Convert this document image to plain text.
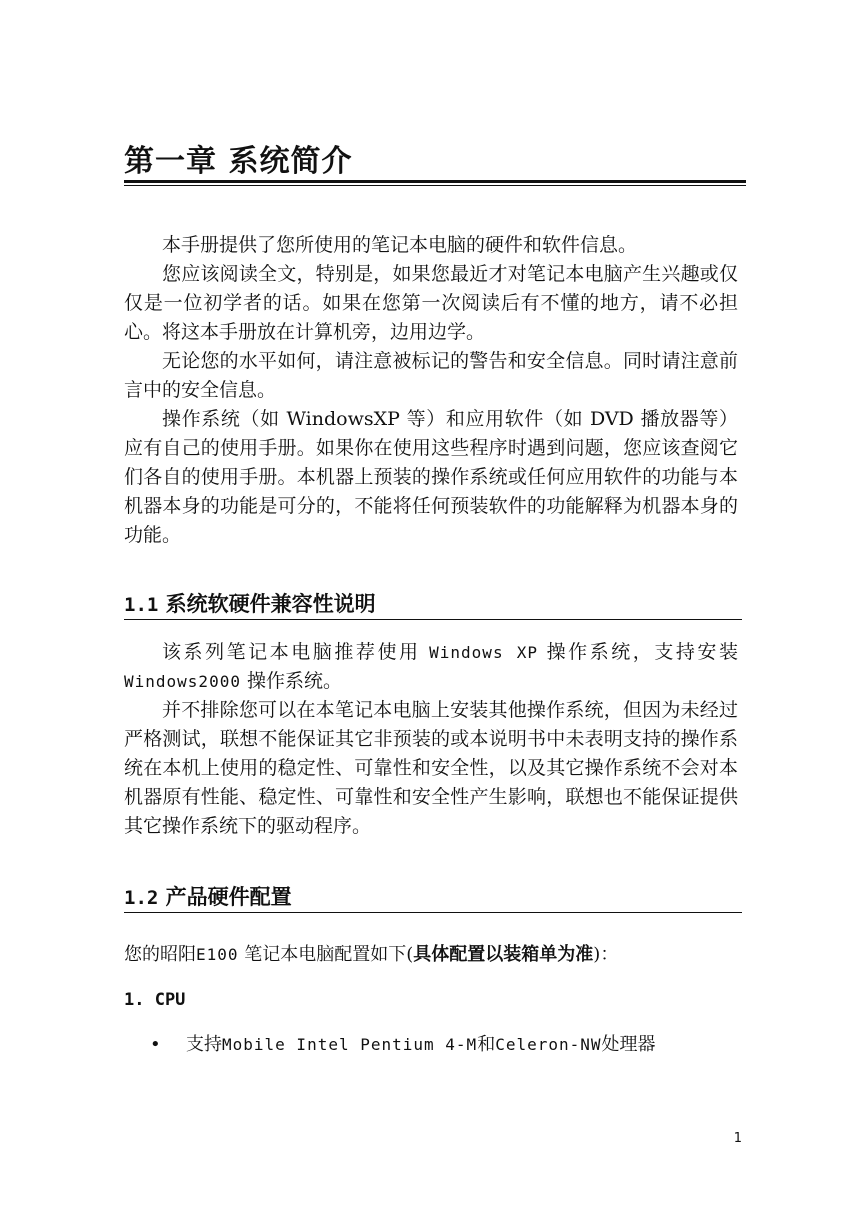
第一章 系统简介

本手册提供了您所使用的笔记本电脑的硬件和软件信息。

您应该阅读全文，特别是，如果您最近才对笔记本电脑产生兴趣或仅仅是一位初学者的话。如果在您第一次阅读后有不懂的地方，请不必担心。将这本手册放在计算机旁，边用边学。

无论您的水平如何，请注意被标记的警告和安全信息。同时请注意前言中的安全信息。

操作系统（如 WindowsXP 等）和应用软件（如 DVD 播放器等）应有自己的使用手册。如果你在使用这些程序时遇到问题，您应该查阅它们各自的使用手册。本机器上预装的操作系统或任何应用软件的功能与本机器本身的功能是可分的，不能将任何预装软件的功能解释为机器本身的功能。

1.1 系统软硬件兼容性说明

该系列笔记本电脑推荐使用 Windows XP 操作系统，支持安装 Windows2000 操作系统。

并不排除您可以在本笔记本电脑上安装其他操作系统，但因为未经过严格测试，联想不能保证其它非预装的或本说明书中未表明支持的操作系统在本机上使用的稳定性、可靠性和安全性，以及其它操作系统不会对本机器原有性能、稳定性、可靠性和安全性产生影响，联想也不能保证提供其它操作系统下的驱动程序。

1.2 产品硬件配置
您的昭阳E100 笔记本电脑配置如下(具体配置以装箱单为准)：
1. CPU
• 支持Mobile Intel Pentium 4-M和Celeron-NW处理器
1
